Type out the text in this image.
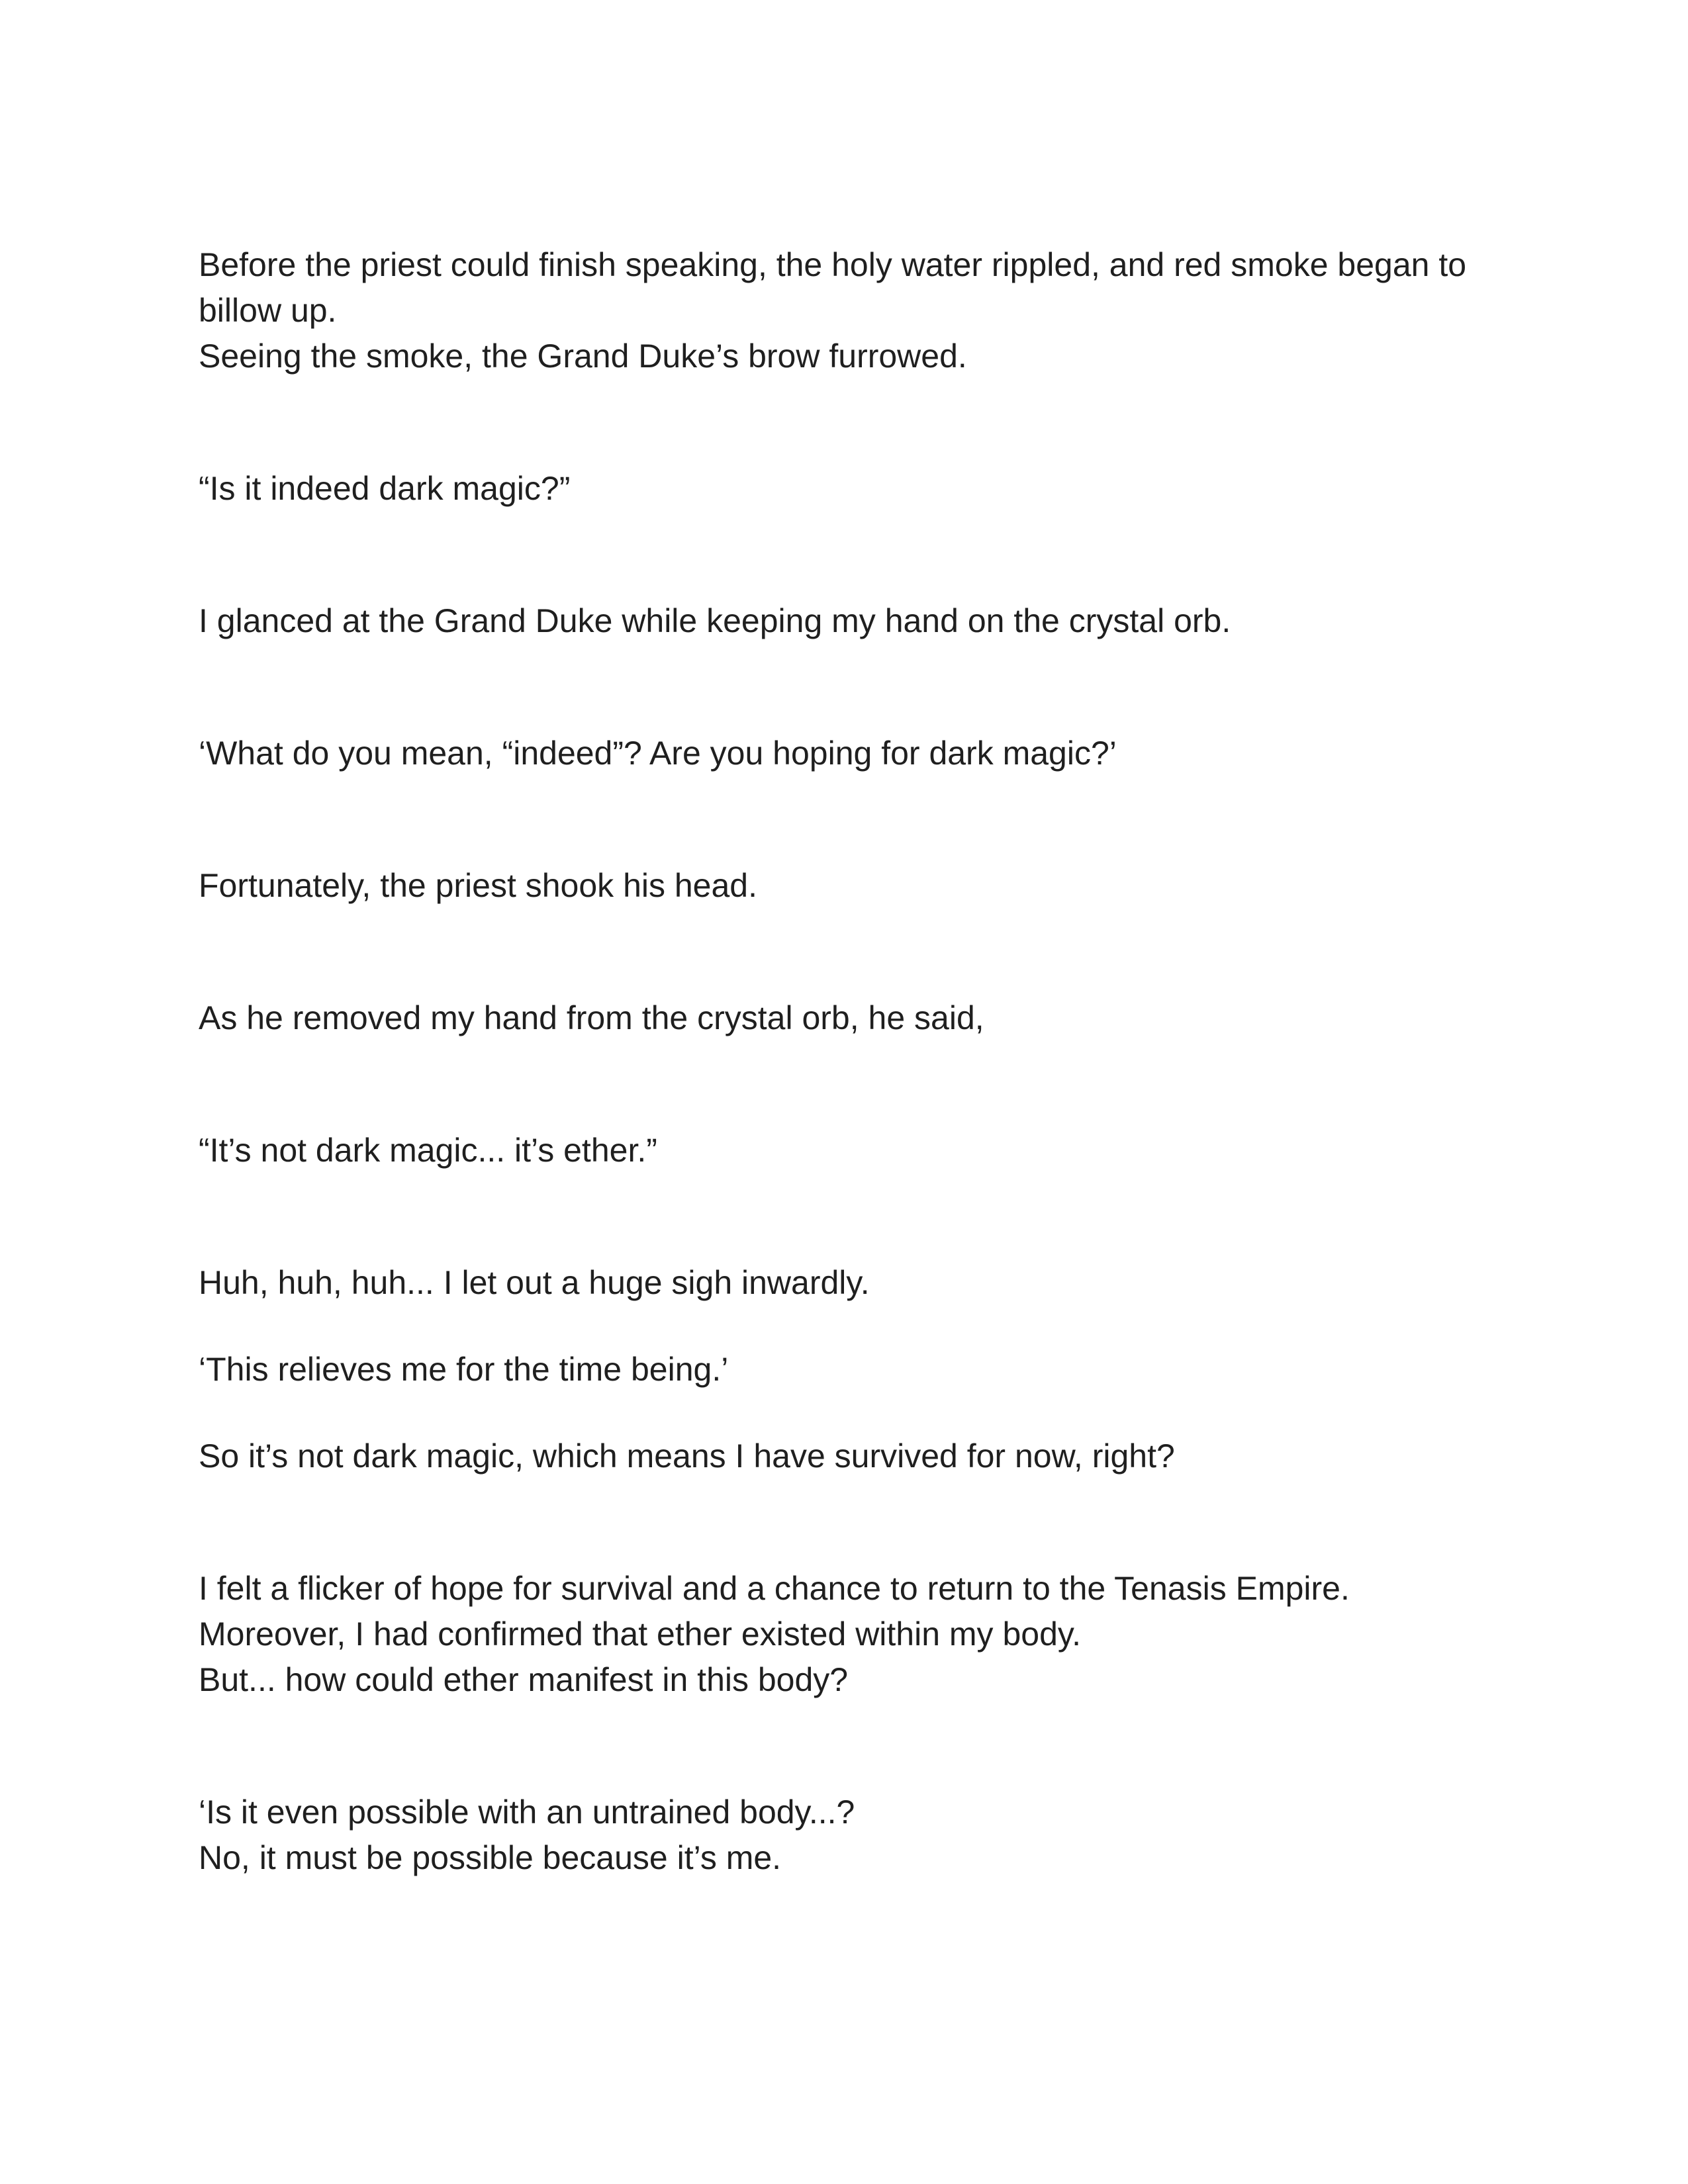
Before the priest could finish speaking, the holy water rippled, and red smoke began to billow up.
Seeing the smoke, the Grand Duke’s brow furrowed.

“Is it indeed dark magic?”

I glanced at the Grand Duke while keeping my hand on the crystal orb.

‘What do you mean, “indeed”? Are you hoping for dark magic?’

Fortunately, the priest shook his head.

As he removed my hand from the crystal orb, he said,

“It’s not dark magic... it’s ether.”

Huh, huh, huh... I let out a huge sigh inwardly.

‘This relieves me for the time being.’

So it’s not dark magic, which means I have survived for now, right?

I felt a flicker of hope for survival and a chance to return to the Tenasis Empire.
Moreover, I had confirmed that ether existed within my body.
But... how could ether manifest in this body?

‘Is it even possible with an untrained body...?
No, it must be possible because it’s me.
